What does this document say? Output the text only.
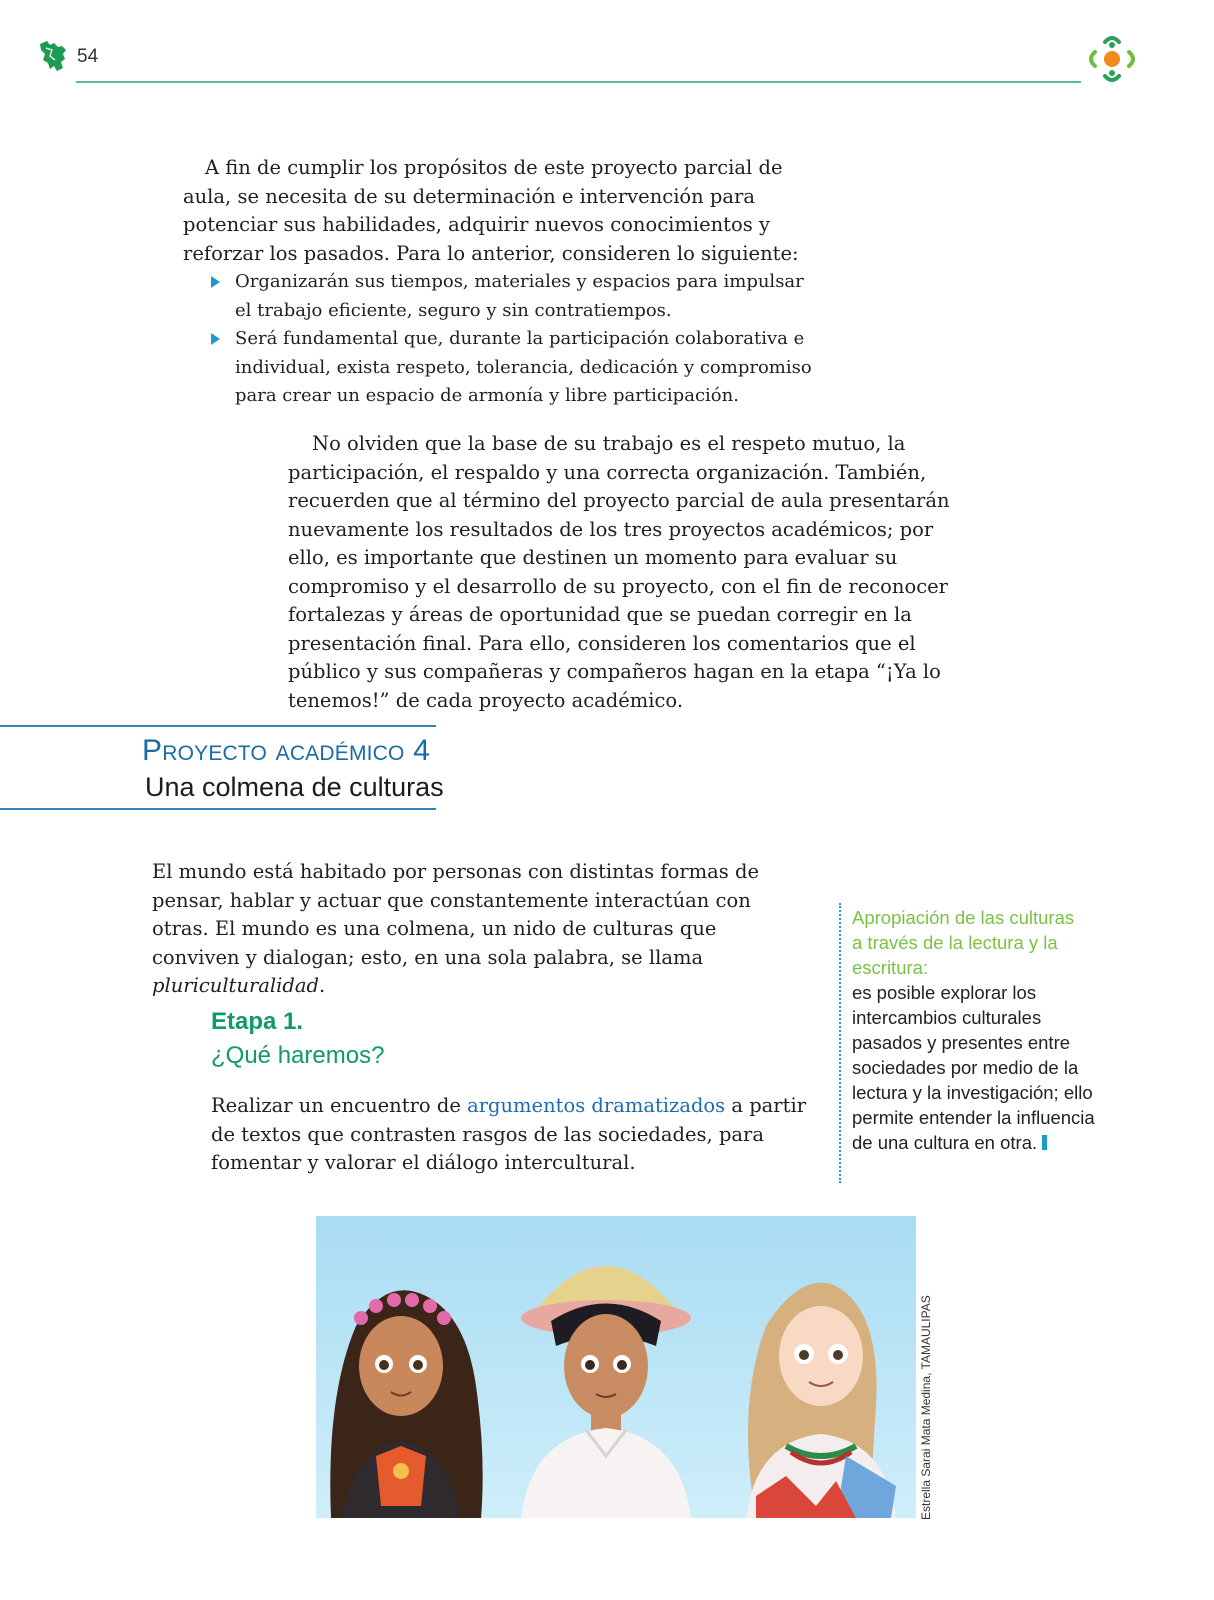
54

A fin de cumplir los propósitos de este proyecto parcial de aula, se necesita de su determinación e intervención para potenciar sus habilidades, adquirir nuevos conocimientos y reforzar los pasados. Para lo anterior, consideren lo siguiente:

Organizarán sus tiempos, materiales y espacios para impulsar el trabajo eficiente, seguro y sin contratiempos.
Será fundamental que, durante la participación colaborativa e individual, exista respeto, tolerancia, dedicación y compromiso para crear un espacio de armonía y libre participación.

No olviden que la base de su trabajo es el respeto mutuo, la participación, el respaldo y una correcta organización. También, recuerden que al término del proyecto parcial de aula presentarán nuevamente los resultados de los tres proyectos académicos; por ello, es importante que destinen un momento para evaluar su compromiso y el desarrollo de su proyecto, con el fin de reconocer fortalezas y áreas de oportunidad que se puedan corregir en la presentación final. Para ello, consideren los comentarios que el público y sus compañeras y compañeros hagan en la etapa “¡Ya lo tenemos!” de cada proyecto académico.

Proyecto académico 4
Una colmena de culturas

El mundo está habitado por personas con distintas formas de pensar, hablar y actuar que constantemente interactúan con otras. El mundo es una colmena, un nido de culturas que conviven y dialogan; esto, en una sola palabra, se llama pluriculturalidad.

Etapa 1.
¿Qué haremos?

Realizar un encuentro de argumentos dramatizados a partir de textos que contrasten rasgos de las sociedades, para fomentar y valorar el diálogo intercultural.

Apropiación de las culturas a través de la lectura y la escritura:
es posible explorar los intercambios culturales pasados y presentes entre sociedades por medio de la lectura y la investigación; ello permite entender la influencia de una cultura en otra.
Estrella Sarai Mata Medina, TAMAULIPAS
